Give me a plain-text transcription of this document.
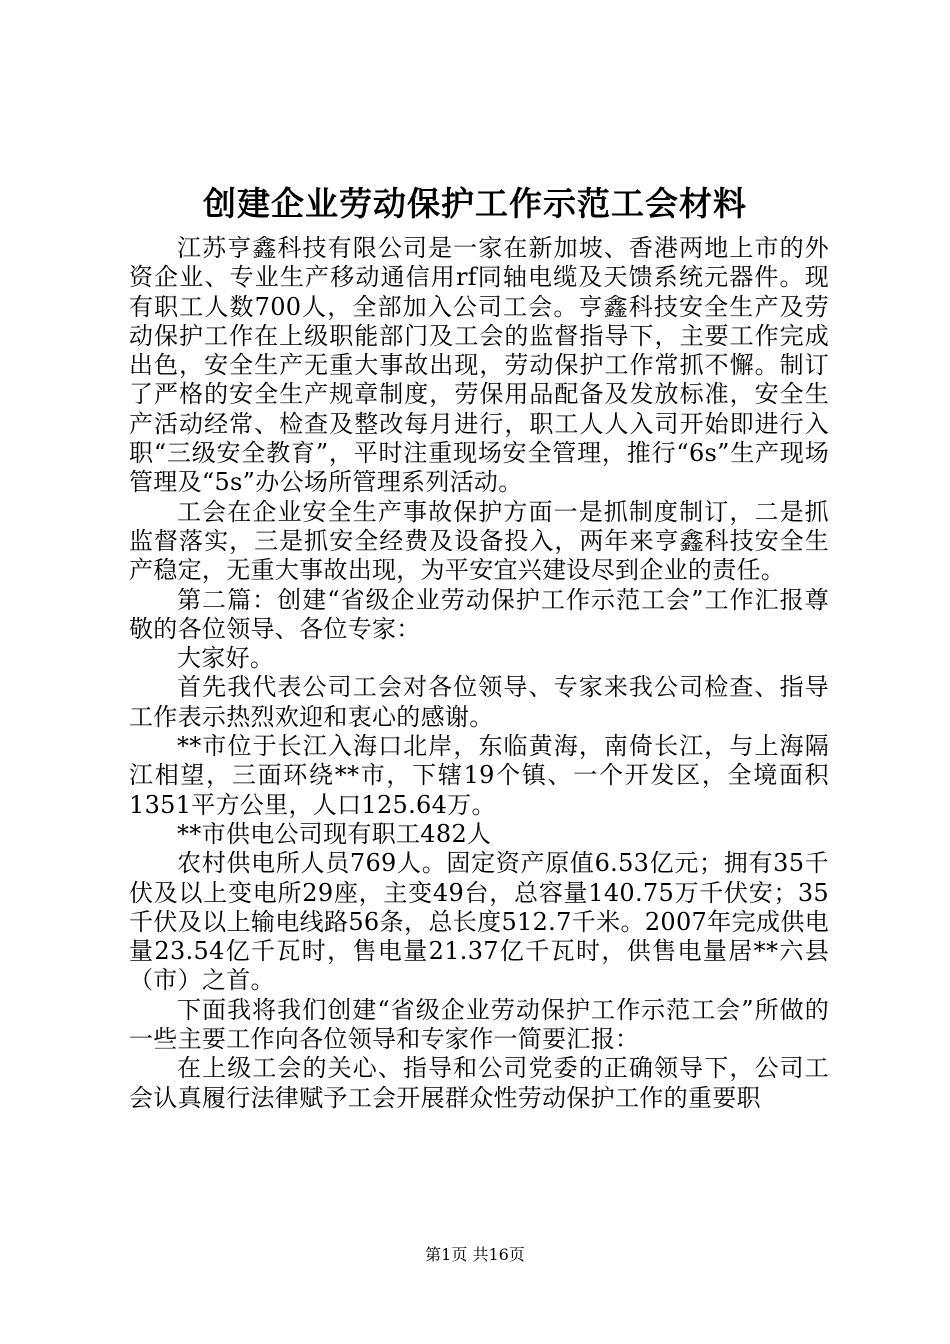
创建企业劳动保护工作示范工会材料

江苏亨鑫科技有限公司是一家在新加坡、香港两地上市的外资企业、专业生产移动通信用rf同轴电缆及天馈系统元器件。现有职工人数700人，全部加入公司工会。亨鑫科技安全生产及劳动保护工作在上级职能部门及工会的监督指导下，主要工作完成出色，安全生产无重大事故出现，劳动保护工作常抓不懈。制订了严格的安全生产规章制度，劳保用品配备及发放标准，安全生产活动经常、检查及整改每月进行，职工人人入司开始即进行入职“三级安全教育”，平时注重现场安全管理，推行“6s”生产现场管理及“5s”办公场所管理系列活动。

工会在企业安全生产事故保护方面一是抓制度制订，二是抓监督落实，三是抓安全经费及设备投入，两年来亨鑫科技安全生产稳定，无重大事故出现，为平安宜兴建设尽到企业的责任。

第二篇：创建“省级企业劳动保护工作示范工会”工作汇报尊敬的各位领导、各位专家：

大家好。

首先我代表公司工会对各位领导、专家来我公司检查、指导工作表示热烈欢迎和衷心的感谢。

**市位于长江入海口北岸，东临黄海，南倚长江，与上海隔江相望，三面环绕**市，下辖19个镇、一个开发区，全境面积1351平方公里，人口125.64万。

**市供电公司现有职工482人

农村供电所人员769人。固定资产原值6.53亿元；拥有35千伏及以上变电所29座，主变49台，总容量140.75万千伏安；35千伏及以上输电线路56条，总长度512.7千米。2007年完成供电量23.54亿千瓦时，售电量21.37亿千瓦时，供售电量居**六县（市）之首。

下面我将我们创建“省级企业劳动保护工作示范工会”所做的一些主要工作向各位领导和专家作一简要汇报：

在上级工会的关心、指导和公司党委的正确领导下，公司工会认真履行法律赋予工会开展群众性劳动保护工作的重要职

第1页 共16页
